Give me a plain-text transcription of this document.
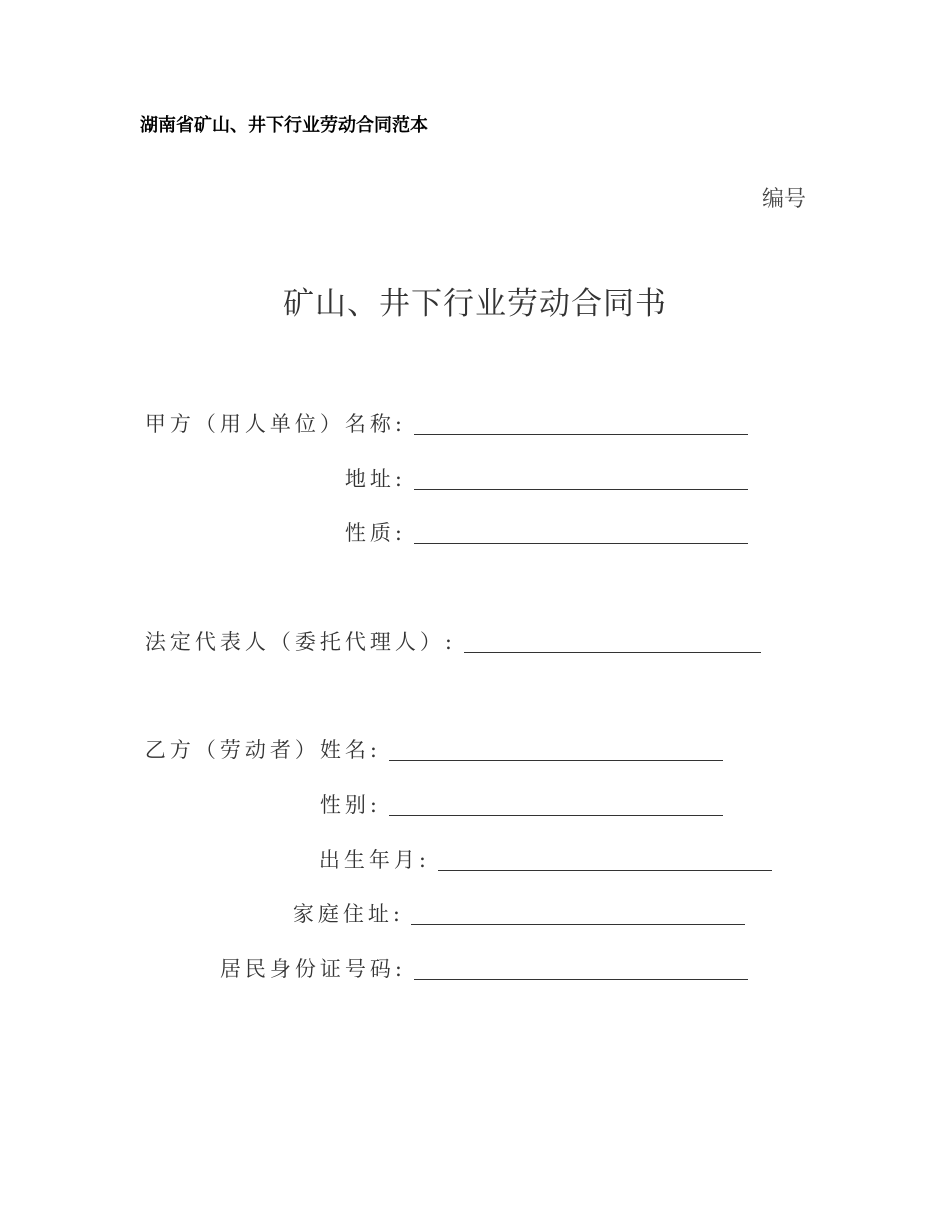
湖南省矿山、井下行业劳动合同范本
编号
矿山、井下行业劳动合同书
甲方（用人单位）名称:
地址:
性质:
法定代表人（委托代理人）:
乙方（劳动者）姓名:
性别:
出生年月:
家庭住址:
居民身份证号码:
